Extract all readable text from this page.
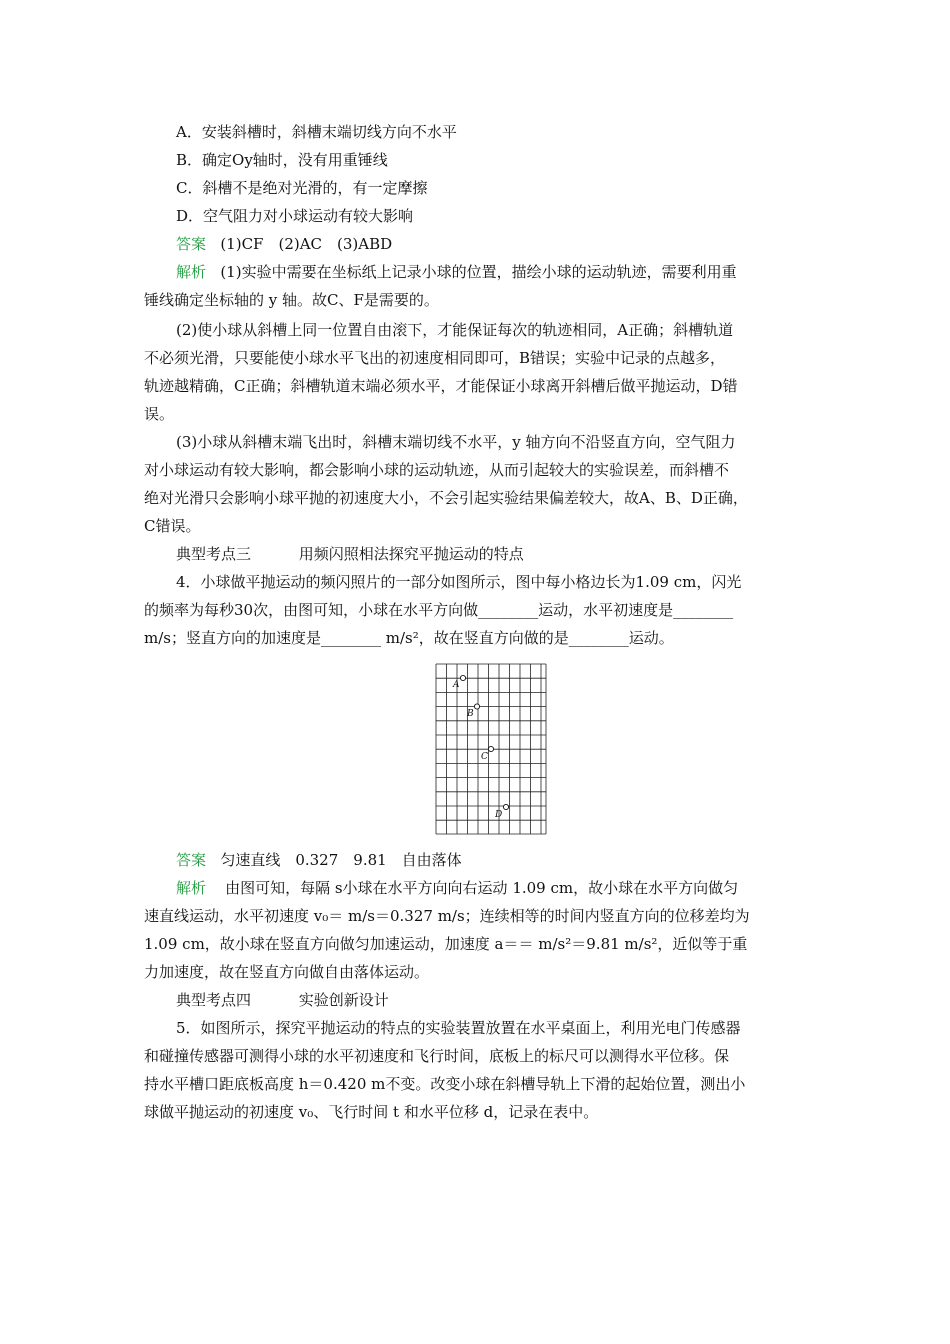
A．安装斜槽时，斜槽末端切线方向不水平
B．确定Oy轴时，没有用重锤线
C．斜槽不是绝对光滑的，有一定摩擦
D．空气阻力对小球运动有较大影响
答案 (1)CF　(2)AC　(3)ABD
解析 (1)实验中需要在坐标纸上记录小球的位置，描绘小球的运动轨迹，需要利用重
锤线确定坐标轴的 y 轴。故C、F是需要的。
(2)使小球从斜槽上同一位置自由滚下，才能保证每次的轨迹相同，A正确；斜槽轨道
不必须光滑，只要能使小球水平飞出的初速度相同即可，B错误；实验中记录的点越多，
轨迹越精确，C正确；斜槽轨道末端必须水平，才能保证小球离开斜槽后做平抛运动，D错
误。
(3)小球从斜槽末端飞出时，斜槽末端切线不水平，y 轴方向不沿竖直方向，空气阻力
对小球运动有较大影响，都会影响小球的运动轨迹，从而引起较大的实验误差，而斜槽不
绝对光滑只会影响小球平抛的初速度大小，不会引起实验结果偏差较大，故A、B、D正确，
C错误。
典型考点三	用频闪照相法探究平抛运动的特点
4．小球做平抛运动的频闪照片的一部分如图所示，图中每小格边长为1.09 cm，闪光
的频率为每秒30次，由图可知，小球在水平方向做________运动，水平初速度是________
m/s；竖直方向的加速度是________ m/s²，故在竖直方向做的是________运动。
A
B
C
D
答案 匀速直线　0.327　9.81　自由落体
解析 由图可知，每隔 s小球在水平方向向右运动 1.09 cm，故小球在水平方向做匀
速直线运动，水平初速度 v₀＝ m/s＝0.327 m/s；连续相等的时间内竖直方向的位移差均为
1.09 cm，故小球在竖直方向做匀加速运动，加速度 a＝＝ m/s²＝9.81 m/s²，近似等于重
力加速度，故在竖直方向做自由落体运动。
典型考点四	实验创新设计
5．如图所示，探究平抛运动的特点的实验装置放置在水平桌面上，利用光电门传感器
和碰撞传感器可测得小球的水平初速度和飞行时间，底板上的标尺可以测得水平位移。保
持水平槽口距底板高度 h＝0.420 m不变。改变小球在斜槽导轨上下滑的起始位置，测出小
球做平抛运动的初速度 v₀、飞行时间 t 和水平位移 d，记录在表中。
